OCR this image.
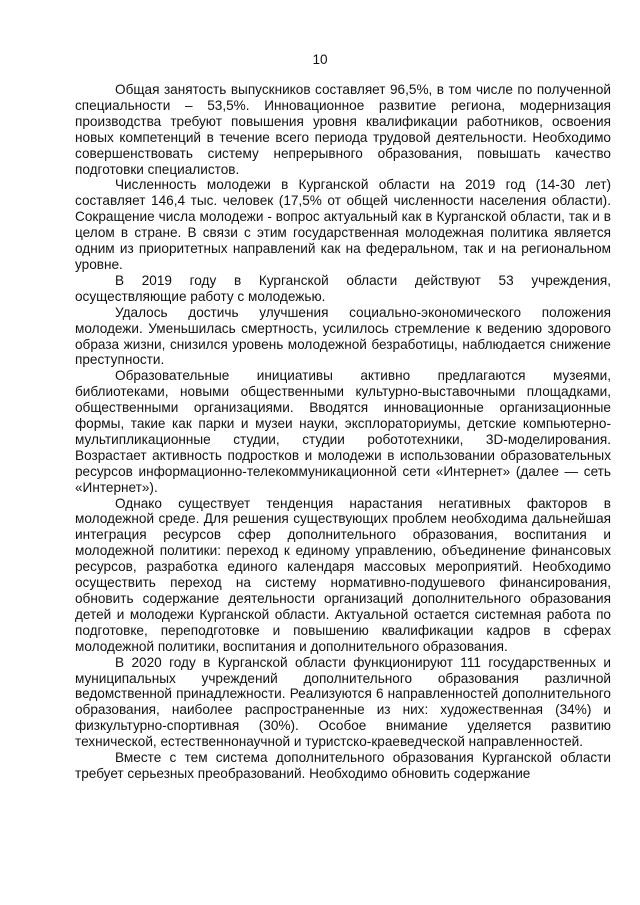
10

Общая занятость выпускников составляет 96,5%, в том числе по полученной специальности – 53,5%. Инновационное развитие региона, модернизация производства требуют повышения уровня квалификации работников, освоения новых компетенций в течение всего периода трудовой деятельности. Необходимо совершенствовать систему непрерывного образования, повышать качество подготовки специалистов.

Численность молодежи в Курганской области на 2019 год (14-30 лет) составляет 146,4 тыс. человек (17,5% от общей численности населения области). Сокращение числа молодежи - вопрос актуальный как в Курганской области, так и в целом в стране. В связи с этим государственная молодежная политика является одним из приоритетных направлений как на федеральном, так и на региональном уровне.

В 2019 году в Курганской области действуют 53 учреждения, осуществляющие работу с молодежью.

Удалось достичь улучшения социально-экономического положения молодежи. Уменьшилась смертность, усилилось стремление к ведению здорового образа жизни, снизился уровень молодежной безработицы, наблюдается снижение преступности.

Образовательные инициативы активно предлагаются музеями, библиотеками, новыми общественными культурно-выставочными площадками, общественными организациями. Вводятся инновационные организационные формы, такие как парки и музеи науки, эксплораториумы, детские компьютерно-мультипликационные студии, студии робототехники, 3D-моделирования. Возрастает активность подростков и молодежи в использовании образовательных ресурсов информационно-телекоммуникационной сети «Интернет» (далее — сеть «Интернет»).

Однако существует тенденция нарастания негативных факторов в молодежной среде. Для решения существующих проблем необходима дальнейшая интеграция ресурсов сфер дополнительного образования, воспитания и молодежной политики: переход к единому управлению, объединение финансовых ресурсов, разработка единого календаря массовых мероприятий. Необходимо осуществить переход на систему нормативно-подушевого финансирования, обновить содержание деятельности организаций дополнительного образования детей и молодежи Курганской области. Актуальной остается системная работа по подготовке, переподготовке и повышению квалификации кадров в сферах молодежной политики, воспитания и дополнительного образования.

В 2020 году в Курганской области функционируют 111 государственных и муниципальных учреждений дополнительного образования различной ведомственной принадлежности. Реализуются 6 направленностей дополнительного образования, наиболее распространенные из них: художественная (34%) и физкультурно-спортивная (30%). Особое внимание уделяется развитию технической, естественнонаучной и туристско-краеведческой направленностей.

Вместе с тем система дополнительного образования Курганской области требует серьезных преобразований. Необходимо обновить содержание
